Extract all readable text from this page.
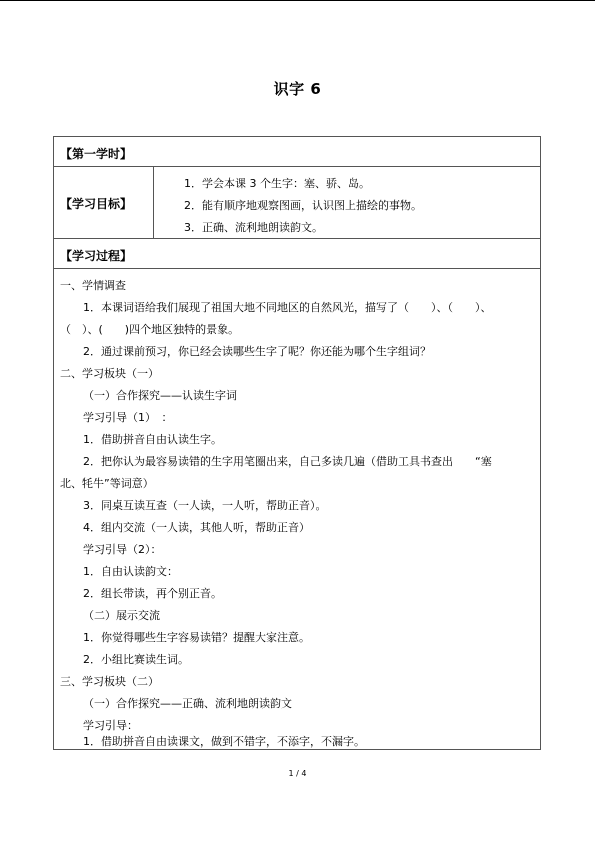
识字 6
【第一学时】
【学习目标】
1．学会本课 3 个生字：塞、骄、岛。
2．能有顺序地观察图画，认识图上描绘的事物。
3．正确、流利地朗读韵文。
【学习过程】
一、学情调查
1．本课词语给我们展现了祖国大地不同地区的自然风光，描写了（　　）、（　　）、
（　）、(　　)四个地区独特的景象。
2．通过课前预习，你已经会读哪些生字了呢？你还能为哪个生字组词？
二、学习板块（一）
（一）合作探究——认读生字词
学习引导（1）　：
1．借助拼音自由认读生字。
2．把你认为最容易读错的生字用笔圈出来，自己多读几遍（借助工具书查出　　“塞
北、牦牛”等词意）
3．同桌互读互查（一人读，一人听，帮助正音）。
4．组内交流（一人读，其他人听，帮助正音）
学习引导（2）：
1．自由认读韵文：
2．组长带读，再个别正音。
（二）展示交流
1．你觉得哪些生字容易读错？提醒大家注意。
2．小组比赛读生词。
三、学习板块（二）
（一）合作探究——正确、流利地朗读韵文
学习引导：
1．借助拼音自由读课文，做到不错字，不添字，不漏字。
1 / 4
